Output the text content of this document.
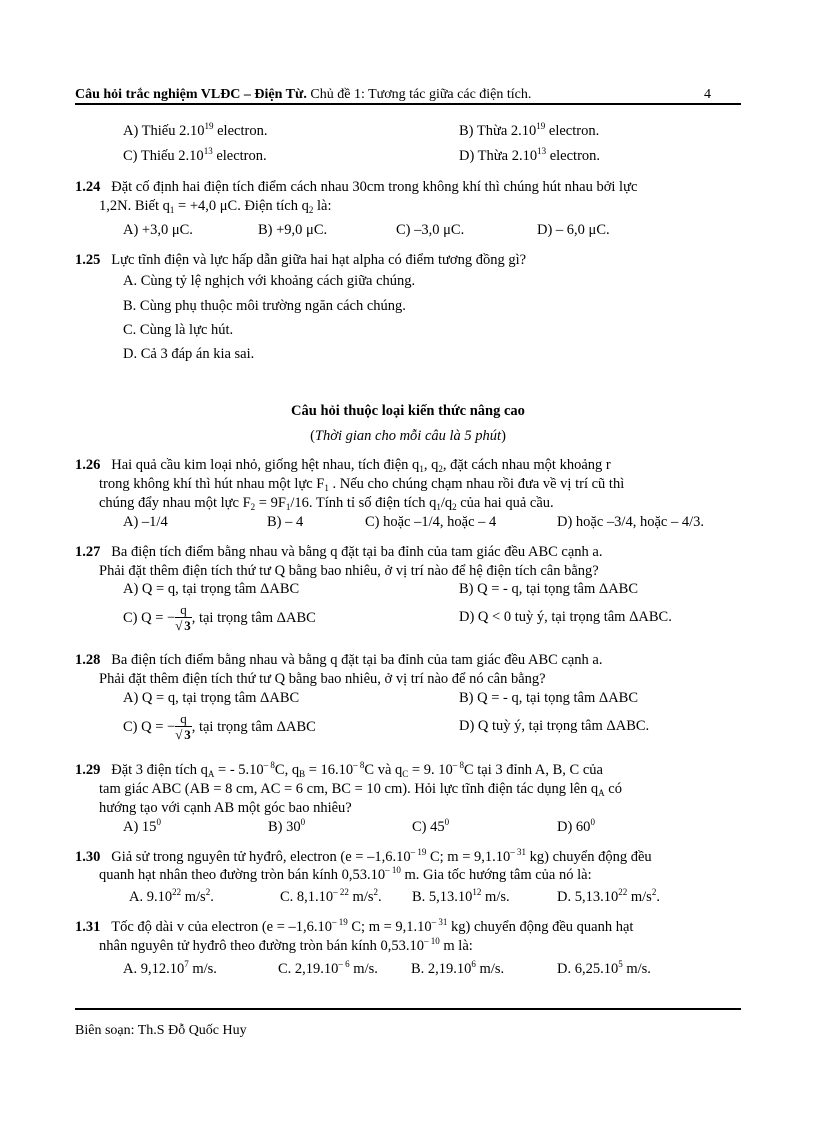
Câu hỏi trắc nghiệm VLĐC – Điện Từ. Chủ đề 1: Tương tác giữa các điện tích.	4
A) Thiếu 2.10$^{19}$ electron.	B) Thừa 2.10$^{19}$ electron.
C) Thiếu 2.10$^{13}$ electron.	D) Thừa 2.10$^{13}$ electron.
1.24 Đặt cố định hai điện tích điểm cách nhau 30cm trong không khí thì chúng hút nhau bởi lực
1,2N. Biết $q_1 = +4,0$ μC. Điện tích $q_2$ là:
A) +3,0 μC.	B) +9,0 μC.	C) –3,0 μC.	D) – 6,0 μC.
1.25 Lực tĩnh điện và lực hấp dẫn giữa hai hạt alpha có điểm tương đồng gì?
A. Cùng tỷ lệ nghịch với khoảng cách giữa chúng.
B. Cùng phụ thuộc môi trường ngăn cách chúng.
C. Cùng là lực hút.
D. Cả 3 đáp án kia sai.
Câu hỏi thuộc loại kiến thức nâng cao
(Thời gian cho mỗi câu là 5 phút)
1.26 Hai quả cầu kim loại nhỏ, giống hệt nhau, tích điện $q_1$, $q_2$, đặt cách nhau một khoảng r
trong không khí thì hút nhau một lực $F_1$ . Nếu cho chúng chạm nhau rồi đưa về vị trí cũ thì
chúng đẩy nhau một lực $F_2 = 9F_1/16$. Tính tỉ số điện tích $q_1/q_2$ của hai quả cầu.
A) –1/4	B) – 4	C) hoặc –1/4, hoặc – 4	D) hoặc –3/4, hoặc – 4/3.
1.27 Ba điện tích điểm bằng nhau và bằng q đặt tại ba đỉnh của tam giác đều ABC cạnh a.
Phải đặt thêm điện tích thứ tư Q bằng bao nhiêu, ở vị trí nào để hệ điện tích cân bằng?
A) Q = q, tại trọng tâm ΔABC	B) Q = - q, tại tọng tâm ΔABC
C) Q = − $\frac{q}{√ 3}$ , tại trọng tâm ΔABC	D) Q < 0 tuỳ ý, tại trọng tâm ΔABC.
1.28 Ba điện tích điểm bằng nhau và bằng q đặt tại ba đỉnh của tam giác đều ABC cạnh a.
Phải đặt thêm điện tích thứ tư Q bằng bao nhiêu, ở vị trí nào để nó cân bằng?
A) Q = q, tại trọng tâm ΔABC	B) Q = - q, tại tọng tâm ΔABC
C) Q = − $\frac{q}{√ 3}$ , tại trọng tâm ΔABC	D) Q tuỳ ý, tại trọng tâm ΔABC.
1.29 Đặt 3 điện tích $q_A$ = - $5.10^{- 8}C$, $q_B = 16.10^{- 8}C$ và $q_C = 9$. $10^{- 8}C$ tại 3 đỉnh A, B, C của
tam giác ABC (AB = 8 cm, AC = 6 cm, BC = 10 cm). Hỏi lực tĩnh điện tác dụng lên $q_A$ có
hướng tạo với cạnh AB một góc bao nhiêu?
A) $15^0$	B) $30^0$	C) $45^0$	D) $60^0$
1.30 Giả sử trong nguyên tử hyđrô, electron ($e = -1,6.10^{- 19}$ C; $m = 9,1.10^{- 31}$ kg) chuyển động đều
quanh hạt nhân theo đường tròn bán kính $0,53.10^{- 10}$ m. Gia tốc hướng tâm của nó là:
A. 9.10$^{22}$ $m/s^2$.	C. $8,1.10^{- 22}$ $m/s^2$. B. 5,13.10$^{12}$ m/s.	D. 5,13.10$^{22}$ $m/s^2$.
1.31 Tốc độ dài v của electron ($e = -1,6.10^{- 19}$ C; $m = 9,1.10^{- 31}$ kg) chuyển động đều quanh hạt
nhân nguyên tử hyđrô theo đường tròn bán kính $0,53.10^{- 10}$ m là:
A. 9,12.10$^7$ m/s.	C. $2,19.10^{- 6}$ m/s. B. 2,19.10$^6$ m/s.	D. 6,25.10$^5$ m/s.
Biên soạn: Th.S Đỗ Quốc Huy
